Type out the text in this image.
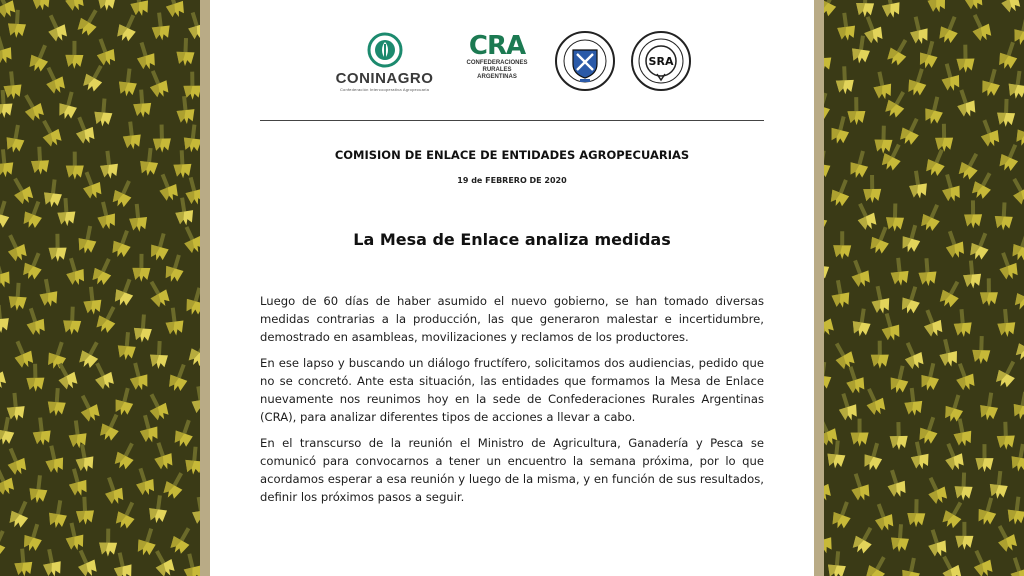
CONINAGRO
Confederación Intercooperativa Agropecuaria
CRA
CONFEDERACIONES
RURALES
ARGENTINAS
SRA
COMISION DE ENLACE DE ENTIDADES AGROPECUARIAS
19 de FEBRERO DE 2020
La Mesa de Enlace analiza medidas

Luego de 60 días de haber asumido el nuevo gobierno, se han tomado diversas medidas contrarias a la producción, las que generaron malestar e incertidumbre, demostrado en asambleas, movilizaciones y reclamos de los productores.

En ese lapso y buscando un diálogo fructífero, solicitamos dos audiencias, pedido que no se concretó. Ante esta situación, las entidades que formamos la Mesa de Enlace nuevamente nos reunimos hoy en la sede de Confederaciones Rurales Argentinas (CRA), para analizar diferentes tipos de acciones a llevar a cabo.

En el transcurso de la reunión el Ministro de Agricultura, Ganadería y Pesca se comunicó para convocarnos a tener un encuentro la semana próxima, por lo que acordamos esperar a esa reunión y luego de la misma, y en función de sus resultados, definir los próximos pasos a seguir.
